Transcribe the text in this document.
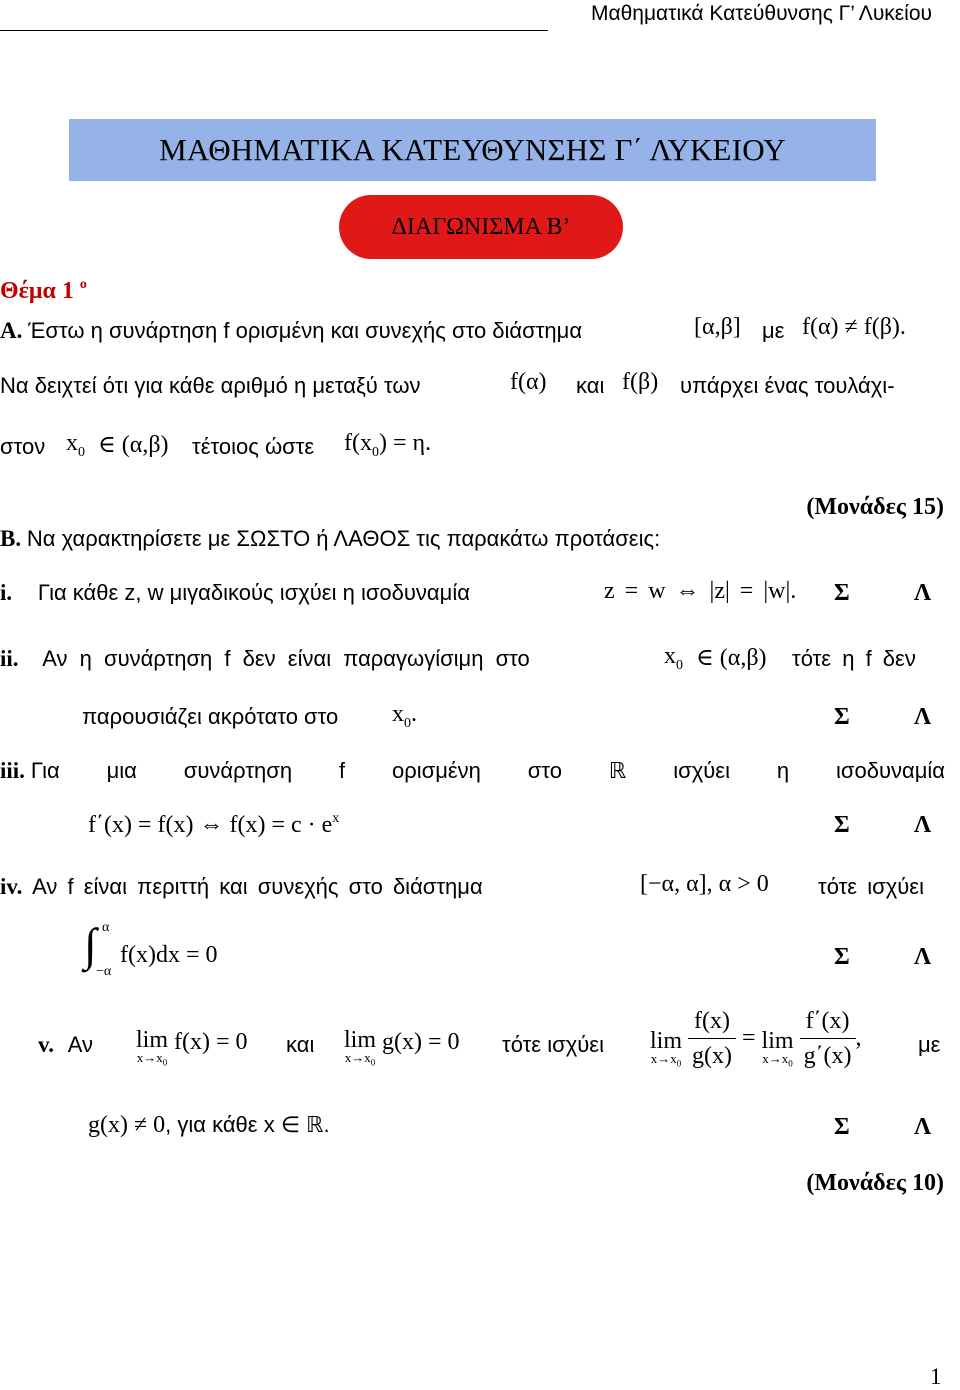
Μαθηματικά Κατεύθυνσης Γ’ Λυκείου
ΜΑΘΗΜΑΤΙΚΑ ΚΑΤΕΥΘΥΝΣΗΣ Γ΄ ΛΥΚΕΙΟΥ
ΔΙΑΓΩΝΙΣΜΑ Β’
Θέμα 1 $^o$
Α. Έστω η συνάρτηση f ορισμένη και συνεχής στο διάστημα	[α,β] με f(α) ≠ f(β).
Να δειχτεί ότι για κάθε αριθμό η μεταξύ των	f(α) και f(β) υπάρχει ένας τουλάχι-
στον $x_0$ ∈ (α,β) τέτοιος ώστε $f(x_0) = \eta$.
(Μονάδες 15)
Β. Να χαρακτηρίσετε με ΣΩΣΤΟ ή ΛΑΘΟΣ τις παρακάτω προτάσεις:
i. Για κάθε z, w μιγαδικούς ισχύει η ισοδυναμία	z = w ⇔ |z| = |w|. Σ	Λ
ii. Αν η συνάρτηση f δεν είναι παραγωγίσιμη στο	$x_0$ ∈ (α,β) τότε η f δεν
παρουσιάζει ακρότατο στο $x_0$.	Σ	Λ
iii. Για μια συνάρτηση f ορισμένη στο ℝ ισχύει η ισοδυναμία
f΄(x) = f(x) ⇔ $f(x) = c \cdot e^x$	Σ	Λ
iv. Αν f είναι περιττή και συνεχής στο διάστημα	[−α, α], α > 0 τότε ισχύει
∫ α
−α
f(x)dx = 0	Σ	Λ
v. Αν lim
$x\to x_0$
f(x) = 0 και lim
$x\to x_0$
g(x) = 0 τότε ισχύει lim
$x\to x_0$
$\frac{f(x)}{g(x)} = \lim$
$x\to x_0$
$\frac{f΄(x)}{g΄(x)}$ ,	με
g(x) ≠ 0, για κάθε x ∈ ℝ.	Σ	Λ
(Μονάδες 10)
1
